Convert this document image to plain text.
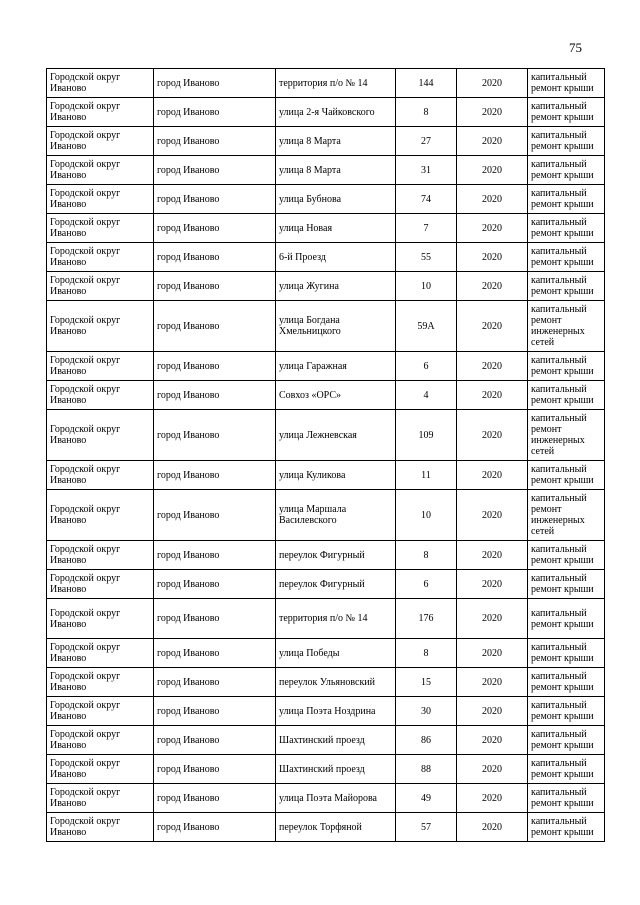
75
Городской округ Иваново	город Иваново	территория п/о № 14	144	2020	капитальный ремонт крыши
Городской округ Иваново	город Иваново	улица 2-я Чайковского	8	2020	капитальный ремонт крыши
Городской округ Иваново	город Иваново	улица 8 Марта	27	2020	капитальный ремонт крыши
Городской округ Иваново	город Иваново	улица 8 Марта	31	2020	капитальный ремонт крыши
Городской округ Иваново	город Иваново	улица Бубнова	74	2020	капитальный ремонт крыши
Городской округ Иваново	город Иваново	улица Новая	7	2020	капитальный ремонт крыши
Городской округ Иваново	город Иваново	6-й Проезд	55	2020	капитальный ремонт крыши
Городской округ Иваново	город Иваново	улица Жугина	10	2020	капитальный ремонт крыши
Городской округ Иваново	город Иваново	улица Богдана Хмельницкого	59А	2020	капитальный ремонт инженерных сетей
Городской округ Иваново	город Иваново	улица Гаражная	6	2020	капитальный ремонт крыши
Городской округ Иваново	город Иваново	Совхоз «ОРС»	4	2020	капитальный ремонт крыши
Городской округ Иваново	город Иваново	улица Лежневская	109	2020	капитальный ремонт инженерных сетей
Городской округ Иваново	город Иваново	улица Куликова	11	2020	капитальный ремонт крыши
Городской округ Иваново	город Иваново	улица Маршала Василевского	10	2020	капитальный ремонт инженерных сетей
Городской округ Иваново	город Иваново	переулок Фигурный	8	2020	капитальный ремонт крыши
Городской округ Иваново	город Иваново	переулок Фигурный	6	2020	капитальный ремонт крыши
Городской округ Иваново	город Иваново	территория п/о № 14	176	2020	капитальный ремонт крыши
Городской округ Иваново	город Иваново	улица Победы	8	2020	капитальный ремонт крыши
Городской округ Иваново	город Иваново	переулок Ульяновский	15	2020	капитальный ремонт крыши
Городской округ Иваново	город Иваново	улица Поэта Ноздрина	30	2020	капитальный ремонт крыши
Городской округ Иваново	город Иваново	Шахтинский проезд	86	2020	капитальный ремонт крыши
Городской округ Иваново	город Иваново	Шахтинский проезд	88	2020	капитальный ремонт крыши
Городской округ Иваново	город Иваново	улица Поэта Майорова	49	2020	капитальный ремонт крыши
Городской округ Иваново	город Иваново	переулок Торфяной	57	2020	капитальный ремонт крыши
